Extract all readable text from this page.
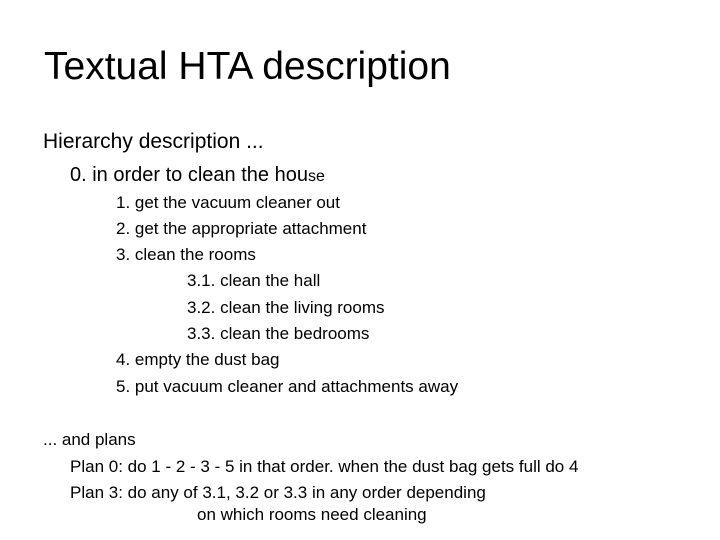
Textual HTA description
Hierarchy description ...
0. in order to clean the house
1. get the vacuum cleaner out
2. get the appropriate attachment
3. clean the rooms
3.1. clean the hall
3.2. clean the living rooms
3.3. clean the bedrooms
4. empty the dust bag
5. put vacuum cleaner and attachments away
... and plans
Plan 0: do 1 - 2 - 3 - 5 in that order. when the dust bag gets full do 4
Plan 3: do any of 3.1, 3.2 or 3.3 in any order depending
on which rooms need cleaning
